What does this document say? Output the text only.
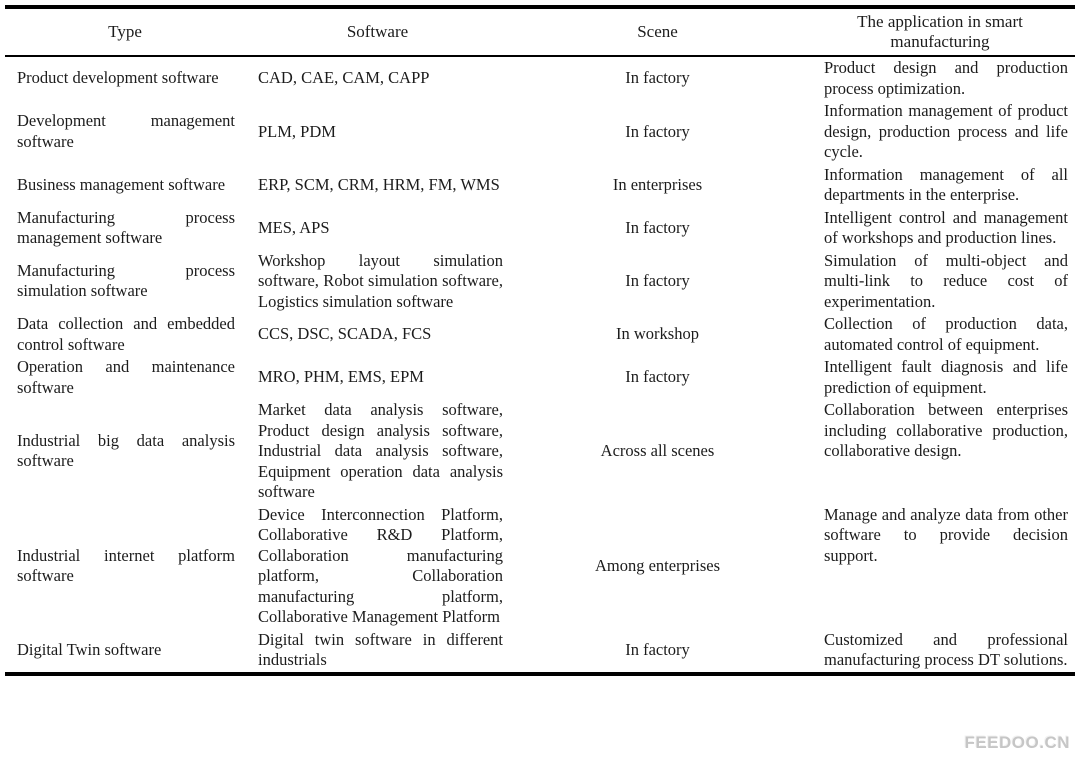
Type	Software	Scene	The application in smart manufacturing
Product development software	CAD, CAE, CAM, CAPP	In factory	Product design and production process optimization.
Development management software	PLM, PDM	In factory	Information management of product design, production process and life cycle.
Business management software	ERP, SCM, CRM, HRM, FM, WMS	In enterprises	Information management of all departments in the enterprise.
Manufacturing process management software	MES, APS	In factory	Intelligent control and management of workshops and production lines.
Manufacturing process simulation software	Workshop layout simulation software, Robot simulation software, Logistics simulation software	In factory	Simulation of multi-object and multi-link to reduce cost of experimentation.
Data collection and embedded control software	CCS, DSC, SCADA, FCS	In workshop	Collection of production data, automated control of equipment.
Operation and maintenance software	MRO, PHM, EMS, EPM	In factory	Intelligent fault diagnosis and life prediction of equipment.
Industrial big data analysis software	Market data analysis software, Product design analysis software, Industrial data analysis software, Equipment operation data analysis software	Across all scenes	Collaboration between enterprises including collaborative production, collaborative design.
Industrial internet platform software	Device Interconnection Platform, Collaborative R&D Platform, Collaboration manufacturing platform, Collaboration manufacturing platform, Collaborative Management Platform	Among enterprises	Manage and analyze data from other software to provide decision support.
Digital Twin software	Digital twin software in different industrials	In factory	Customized and professional manufacturing process DT solutions.
FEEDOO.CN
